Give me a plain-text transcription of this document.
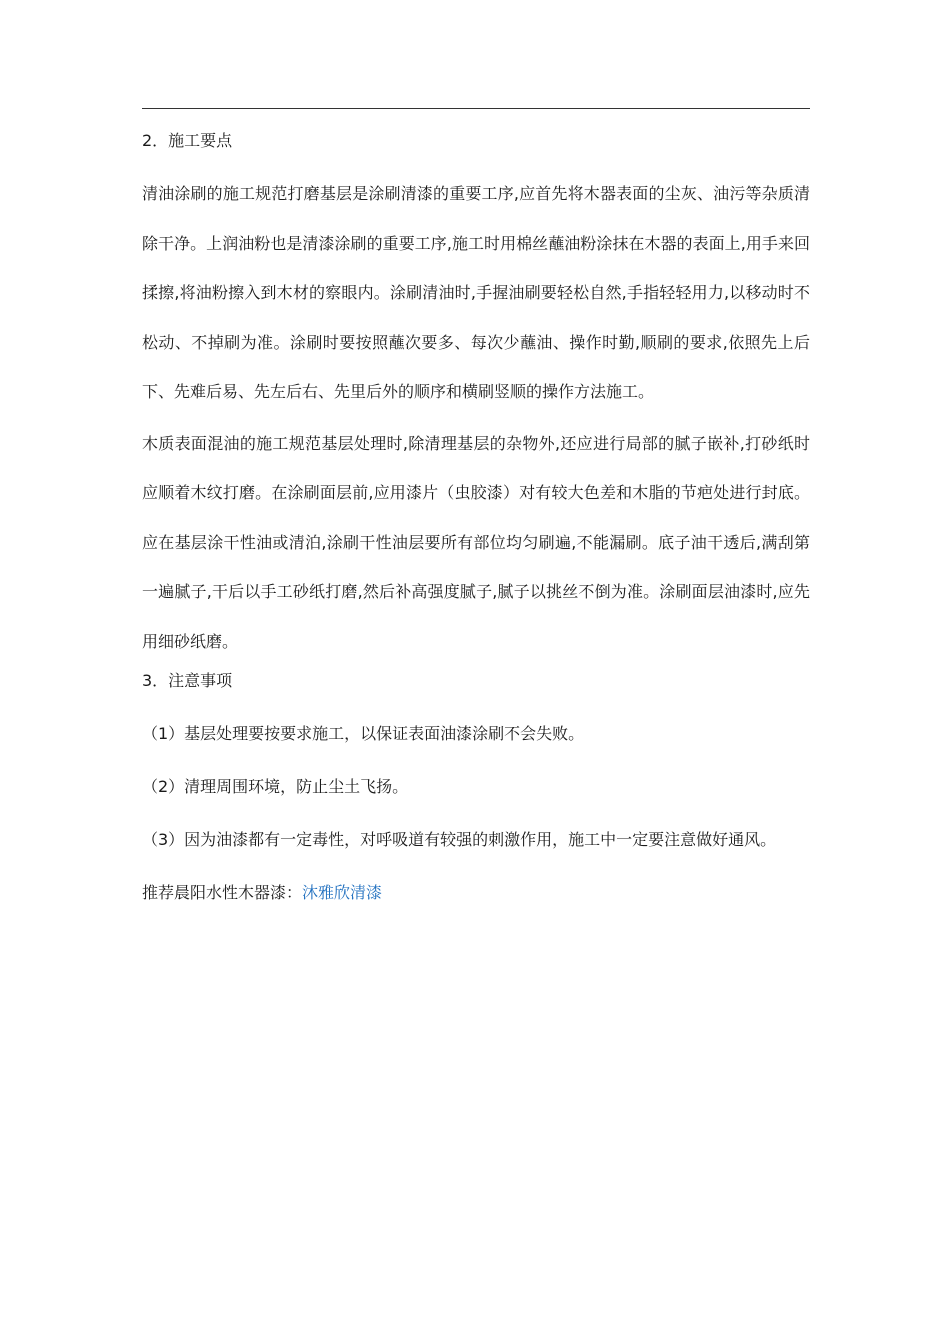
2．施工要点

清油涂刷的施工规范打磨基层是涂刷清漆的重要工序,应首先将木器表面的尘灰、油污等杂质清除干净。上润油粉也是清漆涂刷的重要工序,施工时用棉丝蘸油粉涂抹在木器的表面上,用手来回揉擦,将油粉擦入到木材的察眼内。涂刷清油时,手握油刷要轻松自然,手指轻轻用力,以移动时不松动、不掉刷为准。涂刷时要按照蘸次要多、每次少蘸油、操作时勤,顺刷的要求,依照先上后下、先难后易、先左后右、先里后外的顺序和横刷竖顺的操作方法施工。

木质表面混油的施工规范基层处理时,除清理基层的杂物外,还应进行局部的腻子嵌补,打砂纸时应顺着木纹打磨。在涂刷面层前,应用漆片（虫胶漆）对有较大色差和木脂的节疤处进行封底。应在基层涂干性油或清泊,涂刷干性油层要所有部位均匀刷遍,不能漏刷。底子油干透后,满刮第一遍腻子,干后以手工砂纸打磨,然后补高强度腻子,腻子以挑丝不倒为准。涂刷面层油漆时,应先用细砂纸磨。

3．注意事项

（1）基层处理要按要求施工，以保证表面油漆涂刷不会失败。

（2）清理周围环境，防止尘土飞扬。

（3）因为油漆都有一定毒性，对呼吸道有较强的刺激作用，施工中一定要注意做好通风。

推荐晨阳水性木器漆：沐雅欣清漆
